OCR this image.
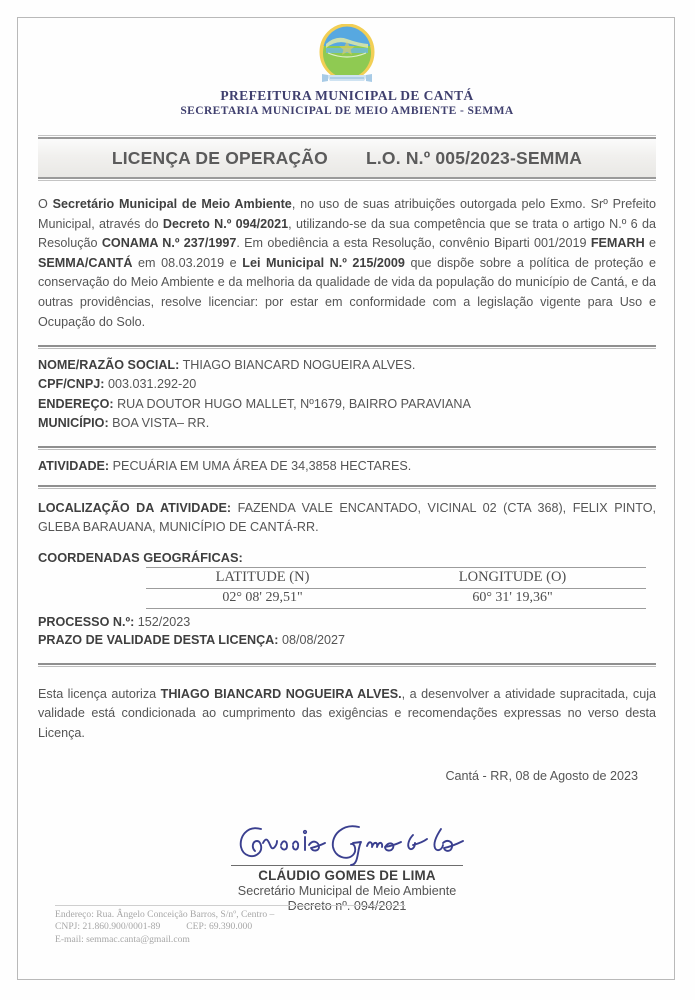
PREFEITURA MUNICIPAL DE CANTÁ
SECRETARIA MUNICIPAL DE MEIO AMBIENTE - SEMMA
LICENÇA DE OPERAÇÃO L.O. N.º 005/2023-SEMMA
O Secretário Municipal de Meio Ambiente, no uso de suas atribuições outorgada pelo Exmo. Srº Prefeito Municipal, através do Decreto N.º 094/2021, utilizando-se da sua competência que se trata o artigo N.º 6 da Resolução CONAMA N.º 237/1997. Em obediência a esta Resolução, convênio Biparti 001/2019 FEMARH e SEMMA/CANTÁ em 08.03.2019 e Lei Municipal N.º 215/2009 que dispõe sobre a política de proteção e conservação do Meio Ambiente e da melhoria da qualidade de vida da população do município de Cantá, e da outras providências, resolve licenciar: por estar em conformidade com a legislação vigente para Uso e Ocupação do Solo.
NOME/RAZÃO SOCIAL: THIAGO BIANCARD NOGUEIRA ALVES.
CPF/CNPJ: 003.031.292-20
ENDEREÇO: RUA DOUTOR HUGO MALLET, Nº1679, BAIRRO PARAVIANA
MUNICÍPIO: BOA VISTA– RR.
ATIVIDADE: PECUÁRIA EM UMA ÁREA DE 34,3858 HECTARES.
LOCALIZAÇÃO DA ATIVIDADE: FAZENDA VALE ENCANTADO, VICINAL 02 (CTA 368), FELIX PINTO, GLEBA BARAUANA, MUNICÍPIO DE CANTÁ-RR.
COORDENADAS GEOGRÁFICAS:
LATITUDE (N)	LONGITUDE (O)
02° 08' 29,51"	60° 31' 19,36"
PROCESSO N.º: 152/2023
PRAZO DE VALIDADE DESTA LICENÇA: 08/08/2027
Esta licença autoriza THIAGO BIANCARD NOGUEIRA ALVES., a desenvolver a atividade supracitada, cuja validade está condicionada ao cumprimento das exigências e recomendações expressas no verso desta Licença.
Cantá - RR, 08 de Agosto de 2023
CLÁUDIO GOMES DE LIMA
Secretário Municipal de Meio Ambiente
Decreto nº. 094/2021
Endereço: Rua. Ângelo Conceição Barros, S/nº, Centro –
CNPJ: 21.860.900/0001-89	CEP: 69.390.000
E-mail: semmac.canta@gmail.com
